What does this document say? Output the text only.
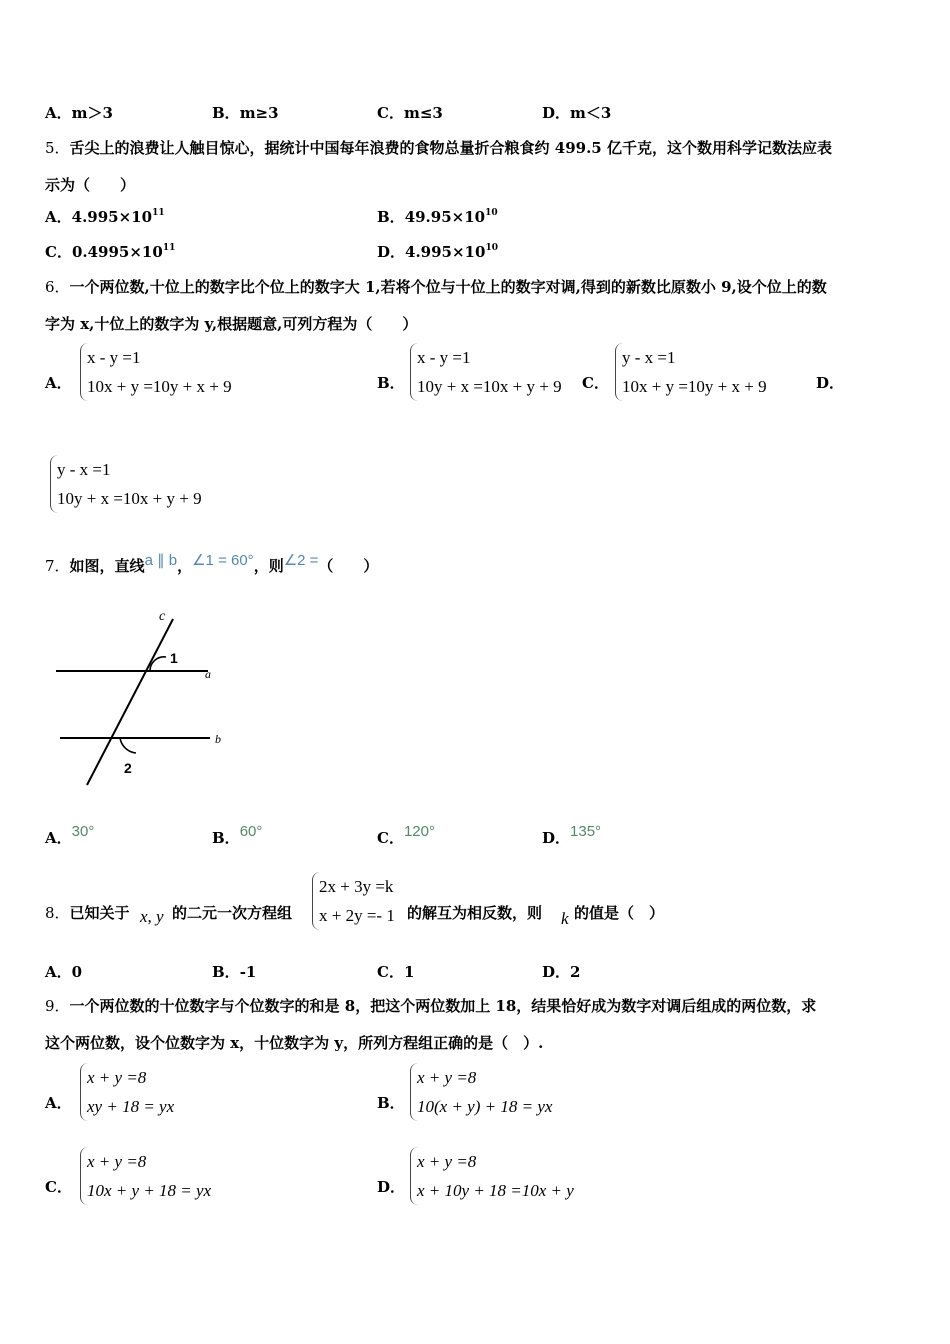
A．m＞3	B．m≥3	C．m≤3	D．m＜3
5．舌尖上的浪费让人触目惊心，据统计中国每年浪费的食物总量折合粮食约 499.5 亿千克，这个数用科学记数法应表
示为（　　）
A．$4.995\times 10^{11}$	B．$49.95\times 10^{10}$
C．$0.4995\times 10^{11}$	D．$4.995\times 10^{10}$
6．一个两位数,十位上的数字比个位上的数字大 1,若将个位与十位上的数字对调,得到的新数比原数小 9,设个位上的数
字为 x,十位上的数字为 y,根据题意,可列方程为（　　）
A．
x - y =1
10x + y =10y + x + 9	B．
x - y =1
10y + x =10x + y + 9 C．
y - x =1
10x + y =10y + x + 9	D．
y - x =1
10y + x =10x + y + 9
7．如图，直线a ∥ b，∠1 = 60°，则∠2 =（　　）
c
1
a
2
b
A．30°	B．60°	C．120°	D．135°
8．已知关于 x, y 的二元一次方程组
2x + 3y =k
x + 2y =- 1 的解互为相反数，则 k 的值是（　）
A．0	B．-1	C．1	D．2
9．一个两位数的十位数字与个位数字的和是 8，把这个两位数加上 18，结果恰好成为数字对调后组成的两位数，求
这个两位数，设个位数字为 x，十位数字为 y，所列方程组正确的是（　）.
A．
x + y =8
xy + 18 = yx	B．
x + y =8
10(x + y) + 18 = yx
C．
x + y =8
10x + y + 18 = yx	D．
x + y =8
x + 10y + 18 =10x + y
